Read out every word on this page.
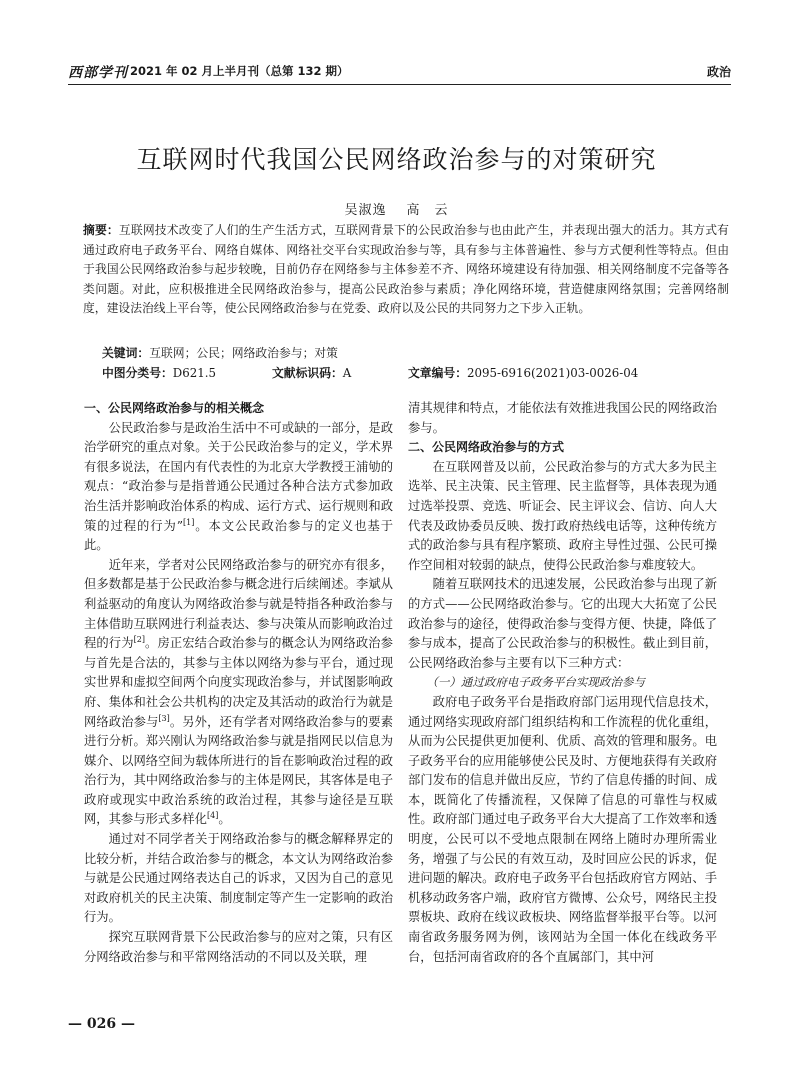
西部学刊 2021 年 02 月上半月刊（总第 132 期）	政治
互联网时代我国公民网络政治参与的对策研究
吴淑逸 高　云
摘要：互联网技术改变了人们的生产生活方式，互联网背景下的公民政治参与也由此产生，并表现出强大的活力。其方式有通过政府电子政务平台、网络自媒体、网络社交平台实现政治参与等，具有参与主体普遍性、参与方式便利性等特点。但由于我国公民网络政治参与起步较晚，目前仍存在网络参与主体参差不齐、网络环境建设有待加强、相关网络制度不完备等各类问题。对此，应积极推进全民网络政治参与，提高公民政治参与素质；净化网络环境，营造健康网络氛围；完善网络制度，建设法治线上平台等，使公民网络政治参与在党委、政府以及公民的共同努力之下步入正轨。
关键词：互联网；公民；网络政治参与；对策
中图分类号：D621.5	文献标识码：A	文章编号：2095-6916(2021)03-0026-04
一、公民网络政治参与的相关概念

公民政治参与是政治生活中不可或缺的一部分，是政治学研究的重点对象。关于公民政治参与的定义，学术界有很多说法，在国内有代表性的为北京大学教授王浦劬的观点：“政治参与是指普通公民通过各种合法方式参加政治生活并影响政治体系的构成、运行方式、运行规则和政策的过程的行为”[1]。本文公民政治参与的定义也基于此。

近年来，学者对公民网络政治参与的研究亦有很多，但多数都是基于公民政治参与概念进行后续阐述。李斌从利益驱动的角度认为网络政治参与就是特指各种政治参与主体借助互联网进行利益表达、参与决策从而影响政治过程的行为[2]。房正宏结合政治参与的概念认为网络政治参与首先是合法的，其参与主体以网络为参与平台，通过现实世界和虚拟空间两个向度实现政治参与，并试图影响政府、集体和社会公共机构的决定及其活动的政治行为就是网络政治参与[3]。另外，还有学者对网络政治参与的要素进行分析。郑兴刚认为网络政治参与就是指网民以信息为媒介、以网络空间为载体所进行的旨在影响政治过程的政治行为，其中网络政治参与的主体是网民，其客体是电子政府或现实中政治系统的政治过程，其参与途径是互联网，其参与形式多样化[4]。

通过对不同学者关于网络政治参与的概念解释界定的比较分析，并结合政治参与的概念，本文认为网络政治参与就是公民通过网络表达自己的诉求，又因为自己的意见对政府机关的民主决策、制度制定等产生一定影响的政治行为。

探究互联网背景下公民政治参与的应对之策，只有区分网络政治参与和平常网络活动的不同以及关联，理

清其规律和特点，才能依法有效推进我国公民的网络政治参与。

二、公民网络政治参与的方式

在互联网普及以前，公民政治参与的方式大多为民主选举、民主决策、民主管理、民主监督等，具体表现为通过选举投票、竞选、听证会、民主评议会、信访、向人大代表及政协委员反映、拨打政府热线电话等，这种传统方式的政治参与具有程序繁琐、政府主导性过强、公民可操作空间相对较弱的缺点，使得公民政治参与难度较大。

随着互联网技术的迅速发展，公民政治参与出现了新的方式——公民网络政治参与。它的出现大大拓宽了公民政治参与的途径，使得政治参与变得方便、快捷，降低了参与成本，提高了公民政治参与的积极性。截止到目前，公民网络政治参与主要有以下三种方式：

（一）通过政府电子政务平台实现政治参与

政府电子政务平台是指政府部门运用现代信息技术，通过网络实现政府部门组织结构和工作流程的优化重组，从而为公民提供更加便利、优质、高效的管理和服务。电子政务平台的应用能够使公民及时、方便地获得有关政府部门发布的信息并做出反应，节约了信息传播的时间、成本，既简化了传播流程，又保障了信息的可靠性与权威性。政府部门通过电子政务平台大大提高了工作效率和透明度，公民可以不受地点限制在网络上随时办理所需业务，增强了与公民的有效互动，及时回应公民的诉求，促进问题的解决。政府电子政务平台包括政府官方网站、手机移动政务客户端，政府官方微博、公众号，网络民主投票板块、政府在线议政板块、网络监督举报平台等。以河南省政务服务网为例，该网站为全国一体化在线政务平台，包括河南省政府的各个直属部门，其中河

— 026 —
